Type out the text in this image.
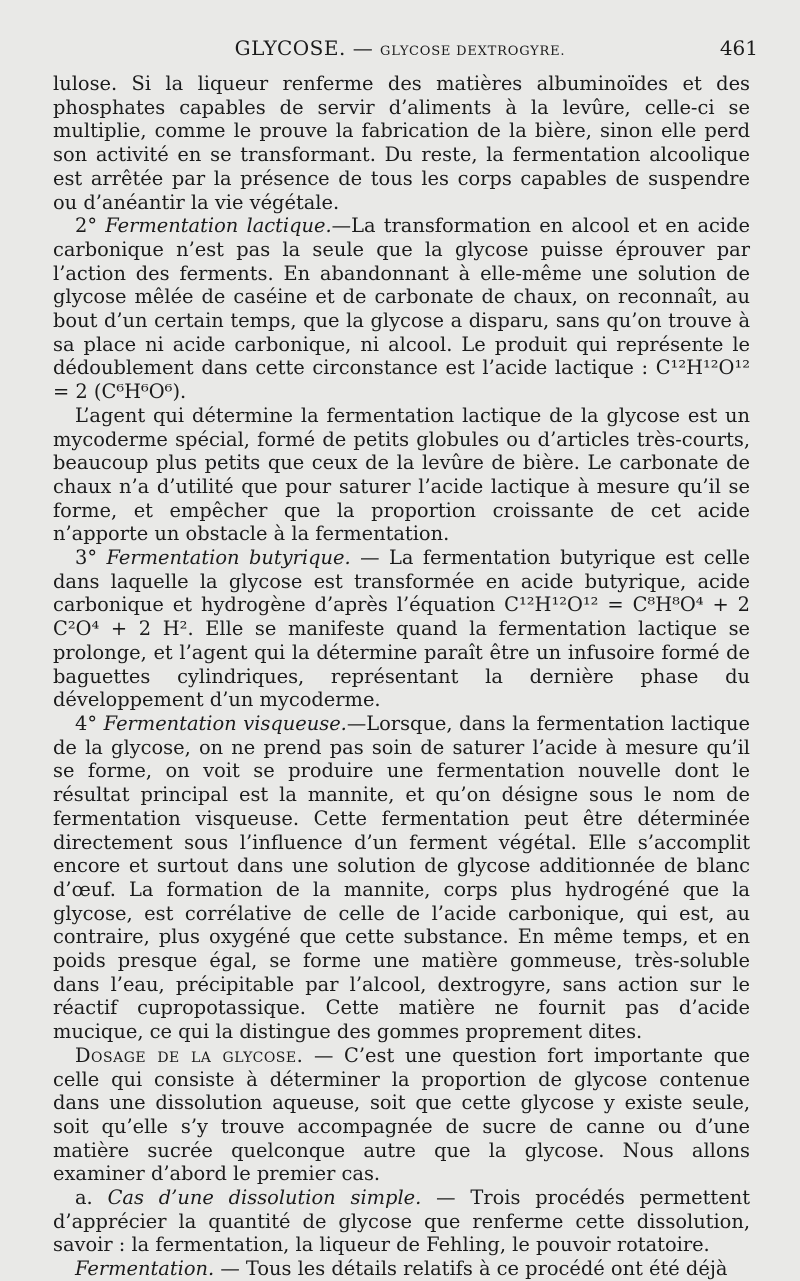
GLYCOSE. — GLYCOSE DEXTROGYRE.	461

lulose. Si la liqueur renferme des matières albuminoïdes et des phosphates capables de servir d’aliments à la levûre, celle-ci se multiplie, comme le prouve la fabrication de la bière, sinon elle perd son activité en se transformant. Du reste, la fermentation alcoolique est arrêtée par la présence de tous les corps capables de suspendre ou d’anéantir la vie végétale.

2° Fermentation lactique.—La transformation en alcool et en acide carbonique n’est pas la seule que la glycose puisse éprouver par l’action des ferments. En abandonnant à elle-même une solution de glycose mêlée de caséine et de carbonate de chaux, on reconnaît, au bout d’un certain temps, que la glycose a disparu, sans qu’on trouve à sa place ni acide carbonique, ni alcool. Le produit qui représente le dédoublement dans cette circonstance est l’acide lactique : C¹²H¹²O¹² = 2 (C⁶H⁶O⁶).

L’agent qui détermine la fermentation lactique de la glycose est un mycoderme spécial, formé de petits globules ou d’articles très-courts, beaucoup plus petits que ceux de la levûre de bière. Le carbonate de chaux n’a d’utilité que pour saturer l’acide lactique à mesure qu’il se forme, et empêcher que la proportion croissante de cet acide n’apporte un obstacle à la fermentation.

3° Fermentation butyrique. — La fermentation butyrique est celle dans laquelle la glycose est transformée en acide butyrique, acide carbonique et hydrogène d’après l’équation C¹²H¹²O¹² = C⁸H⁸O⁴ + 2 C²O⁴ + 2 H². Elle se manifeste quand la fermentation lactique se prolonge, et l’agent qui la détermine paraît être un infusoire formé de baguettes cylindriques, représentant la dernière phase du développement d’un mycoderme.

4° Fermentation visqueuse.—Lorsque, dans la fermentation lactique de la glycose, on ne prend pas soin de saturer l’acide à mesure qu’il se forme, on voit se produire une fermentation nouvelle dont le résultat principal est la mannite, et qu’on désigne sous le nom de fermentation visqueuse. Cette fermentation peut être déterminée directement sous l’influence d’un ferment végétal. Elle s’accomplit encore et surtout dans une solution de glycose additionnée de blanc d’œuf. La formation de la mannite, corps plus hydrogéné que la glycose, est corrélative de celle de l’acide carbonique, qui est, au contraire, plus oxygéné que cette substance. En même temps, et en poids presque égal, se forme une matière gommeuse, très-soluble dans l’eau, précipitable par l’alcool, dextrogyre, sans action sur le réactif cupropotassique. Cette matière ne fournit pas d’acide mucique, ce qui la distingue des gommes proprement dites.

Dosage de la glycose. — C’est une question fort importante que celle qui consiste à déterminer la proportion de glycose contenue dans une dissolution aqueuse, soit que cette glycose y existe seule, soit qu’elle s’y trouve accompagnée de sucre de canne ou d’une matière sucrée quelconque autre que la glycose. Nous allons examiner d’abord le premier cas.

a. Cas d’une dissolution simple. — Trois procédés permettent d’apprécier la quantité de glycose que renferme cette dissolution, savoir : la fermentation, la liqueur de Fehling, le pouvoir rotatoire.

Fermentation. — Tous les détails relatifs à ce procédé ont été déjà
